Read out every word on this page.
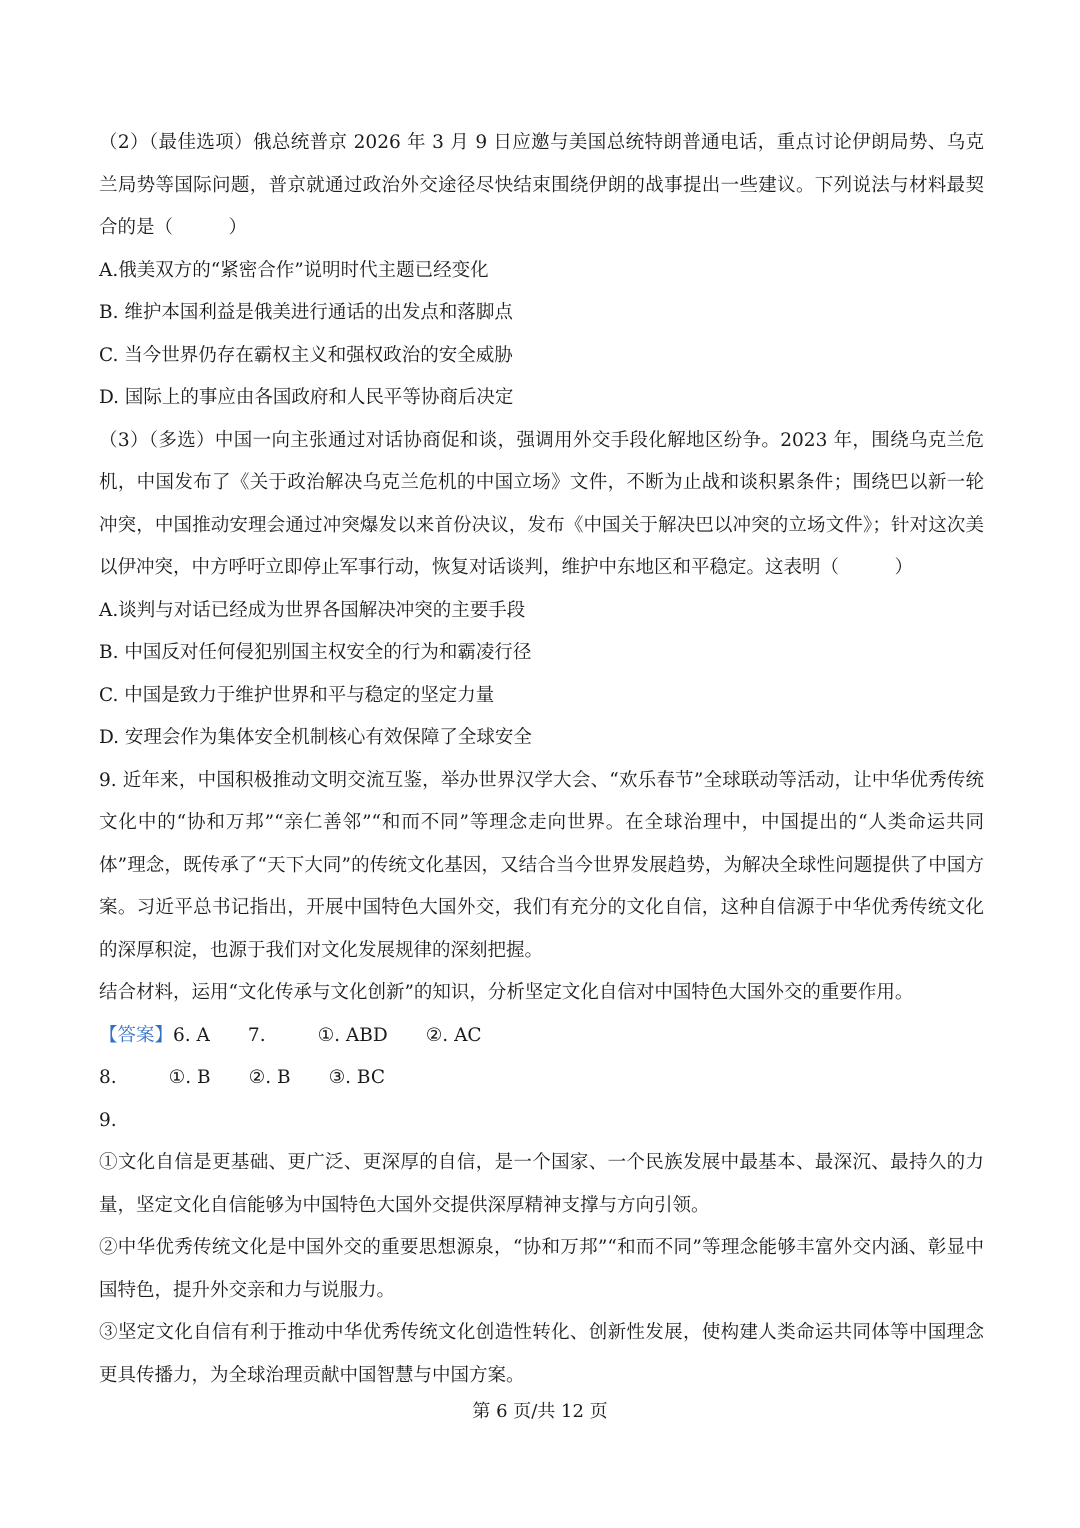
（2）（最佳选项）俄总统普京 2026 年 3 月 9 日应邀与美国总统特朗普通电话，重点讨论伊朗局势、乌克兰局势等国际问题，普京就通过政治外交途径尽快结束围绕伊朗的战事提出一些建议。下列说法与材料最契合的是（　　　）

A.俄美双方的“紧密合作”说明时代主题已经变化

B. 维护本国利益是俄美进行通话的出发点和落脚点

C. 当今世界仍存在霸权主义和强权政治的安全威胁

D. 国际上的事应由各国政府和人民平等协商后决定

（3）（多选）中国一向主张通过对话协商促和谈，强调用外交手段化解地区纷争。2023 年，围绕乌克兰危机，中国发布了《关于政治解决乌克兰危机的中国立场》文件，不断为止战和谈积累条件；围绕巴以新一轮冲突，中国推动安理会通过冲突爆发以来首份决议，发布《中国关于解决巴以冲突的立场文件》；针对这次美以伊冲突，中方呼吁立即停止军事行动，恢复对话谈判，维护中东地区和平稳定。这表明（　　　）

A.谈判与对话已经成为世界各国解决冲突的主要手段

B. 中国反对任何侵犯别国主权安全的行为和霸凌行径

C. 中国是致力于维护世界和平与稳定的坚定力量

D. 安理会作为集体安全机制核心有效保障了全球安全

9. 近年来，中国积极推动文明交流互鉴，举办世界汉学大会、“欢乐春节”全球联动等活动，让中华优秀传统文化中的“协和万邦”“亲仁善邻”“和而不同”等理念走向世界。在全球治理中，中国提出的“人类命运共同体”理念，既传承了“天下大同”的传统文化基因，又结合当今世界发展趋势，为解决全球性问题提供了中国方案。习近平总书记指出，开展中国特色大国外交，我们有充分的文化自信，这种自信源于中华优秀传统文化的深厚积淀，也源于我们对文化发展规律的深刻把握。

结合材料，运用“文化传承与文化创新”的知识，分析坚定文化自信对中国特色大国外交的重要作用。

【答案】6. A 7.	①. ABD ②. AC

8.	①. B ②. B ③. BC

9.

①文化自信是更基础、更广泛、更深厚的自信，是一个国家、一个民族发展中最基本、最深沉、最持久的力量，坚定文化自信能够为中国特色大国外交提供深厚精神支撑与方向引领。

②中华优秀传统文化是中国外交的重要思想源泉，“协和万邦”“和而不同”等理念能够丰富外交内涵、彰显中国特色，提升外交亲和力与说服力。

③坚定文化自信有利于推动中华优秀传统文化创造性转化、创新性发展，使构建人类命运共同体等中国理念更具传播力，为全球治理贡献中国智慧与中国方案。

第 6 页/共 12 页
